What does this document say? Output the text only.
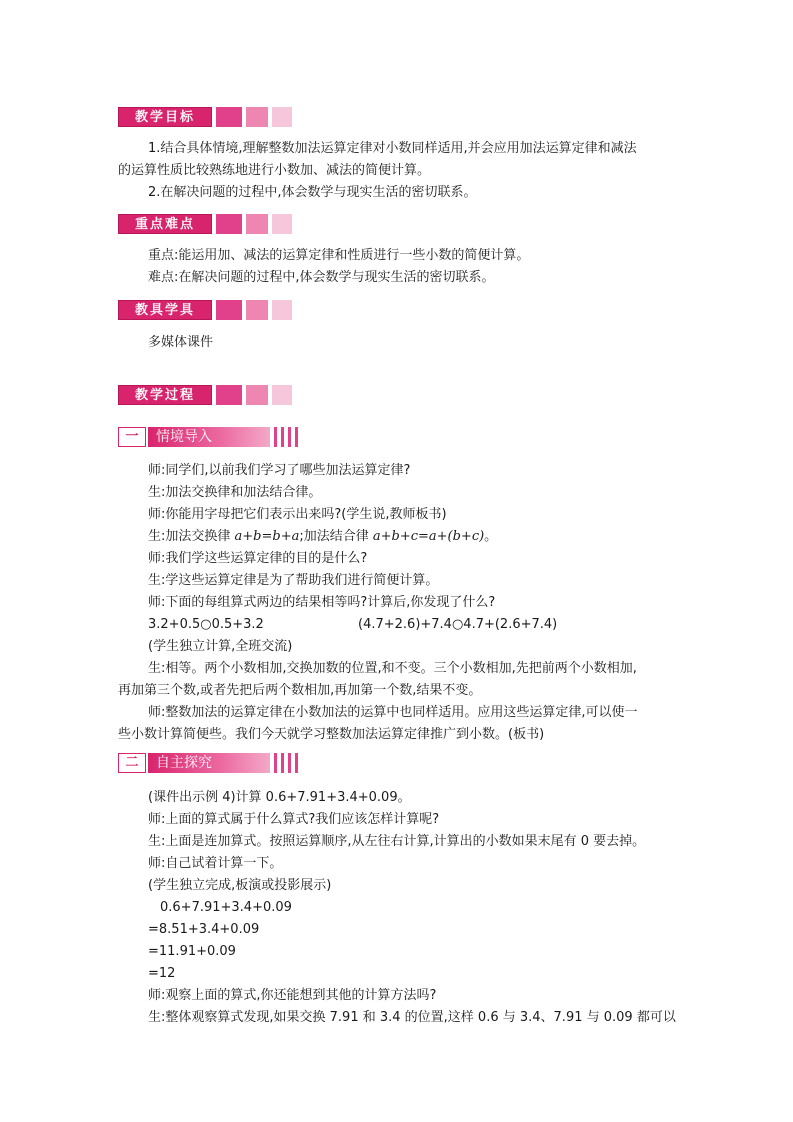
教学目标
1.结合具体情境,理解整数加法运算定律对小数同样适用,并会应用加法运算定律和减法
的运算性质比较熟练地进行小数加、减法的简便计算。
2.在解决问题的过程中,体会数学与现实生活的密切联系。
重点难点
重点:能运用加、减法的运算定律和性质进行一些小数的简便计算。
难点:在解决问题的过程中,体会数学与现实生活的密切联系。
教具学具
多媒体课件
教学过程
一	情境导入
师:同学们,以前我们学习了哪些加法运算定律?
生:加法交换律和加法结合律。
师:你能用字母把它们表示出来吗?(学生说,教师板书)
生:加法交换律 a+b=b+a;加法结合律 a+b+c=a+(b+c)。
师:我们学这些运算定律的目的是什么?
生:学这些运算定律是为了帮助我们进行简便计算。
师:下面的每组算式两边的结果相等吗?计算后,你发现了什么?
3.2+0.5○0.5+3.2	(4.7+2.6)+7.4○4.7+(2.6+7.4)
(学生独立计算,全班交流)
生:相等。两个小数相加,交换加数的位置,和不变。三个小数相加,先把前两个小数相加,
再加第三个数,或者先把后两个数相加,再加第一个数,结果不变。
师:整数加法的运算定律在小数加法的运算中也同样适用。应用这些运算定律,可以使一
些小数计算简便些。我们今天就学习整数加法运算定律推广到小数。(板书)
二	自主探究
(课件出示例 4)计算 0.6+7.91+3.4+0.09。
师:上面的算式属于什么算式?我们应该怎样计算呢?
生:上面是连加算式。按照运算顺序,从左往右计算,计算出的小数如果末尾有 0 要去掉。
师:自己试着计算一下。
(学生独立完成,板演或投影展示)
0.6+7.91+3.4+0.09
=8.51+3.4+0.09
=11.91+0.09
=12
师:观察上面的算式,你还能想到其他的计算方法吗?
生:整体观察算式发现,如果交换 7.91 和 3.4 的位置,这样 0.6 与 3.4、7.91 与 0.09 都可以
